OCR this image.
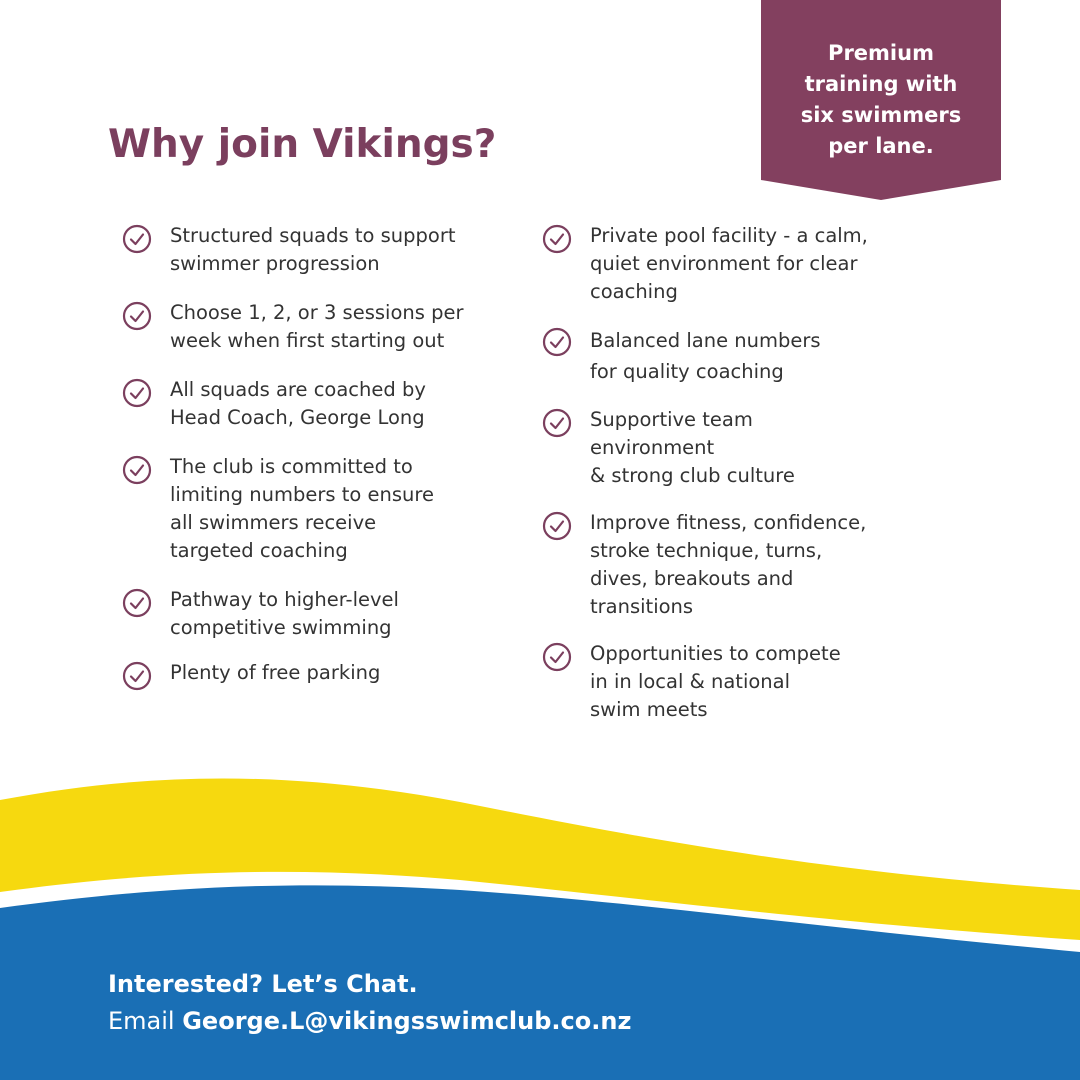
Premium
training with
six swimmers
per lane.

Why join Vikings?
Structured squads to support
swimmer progression
Choose 1, 2, or 3 sessions per
week when first starting out
All squads are coached by
Head Coach, George Long
The club is committed to
limiting numbers to ensure
all swimmers receive
targeted coaching
Pathway to higher-level
competitive swimming
Plenty of free parking
Private pool facility - a calm,
quiet environment for clear
coaching
Balanced lane numbers
for quality coaching
Supportive team
environment
& strong club culture
Improve fitness, confidence,
stroke technique, turns,
dives, breakouts and
transitions
Opportunities to compete
in in local & national
swim meets
Interested? Let’s Chat.
Email George.L@vikingsswimclub.co.nz
